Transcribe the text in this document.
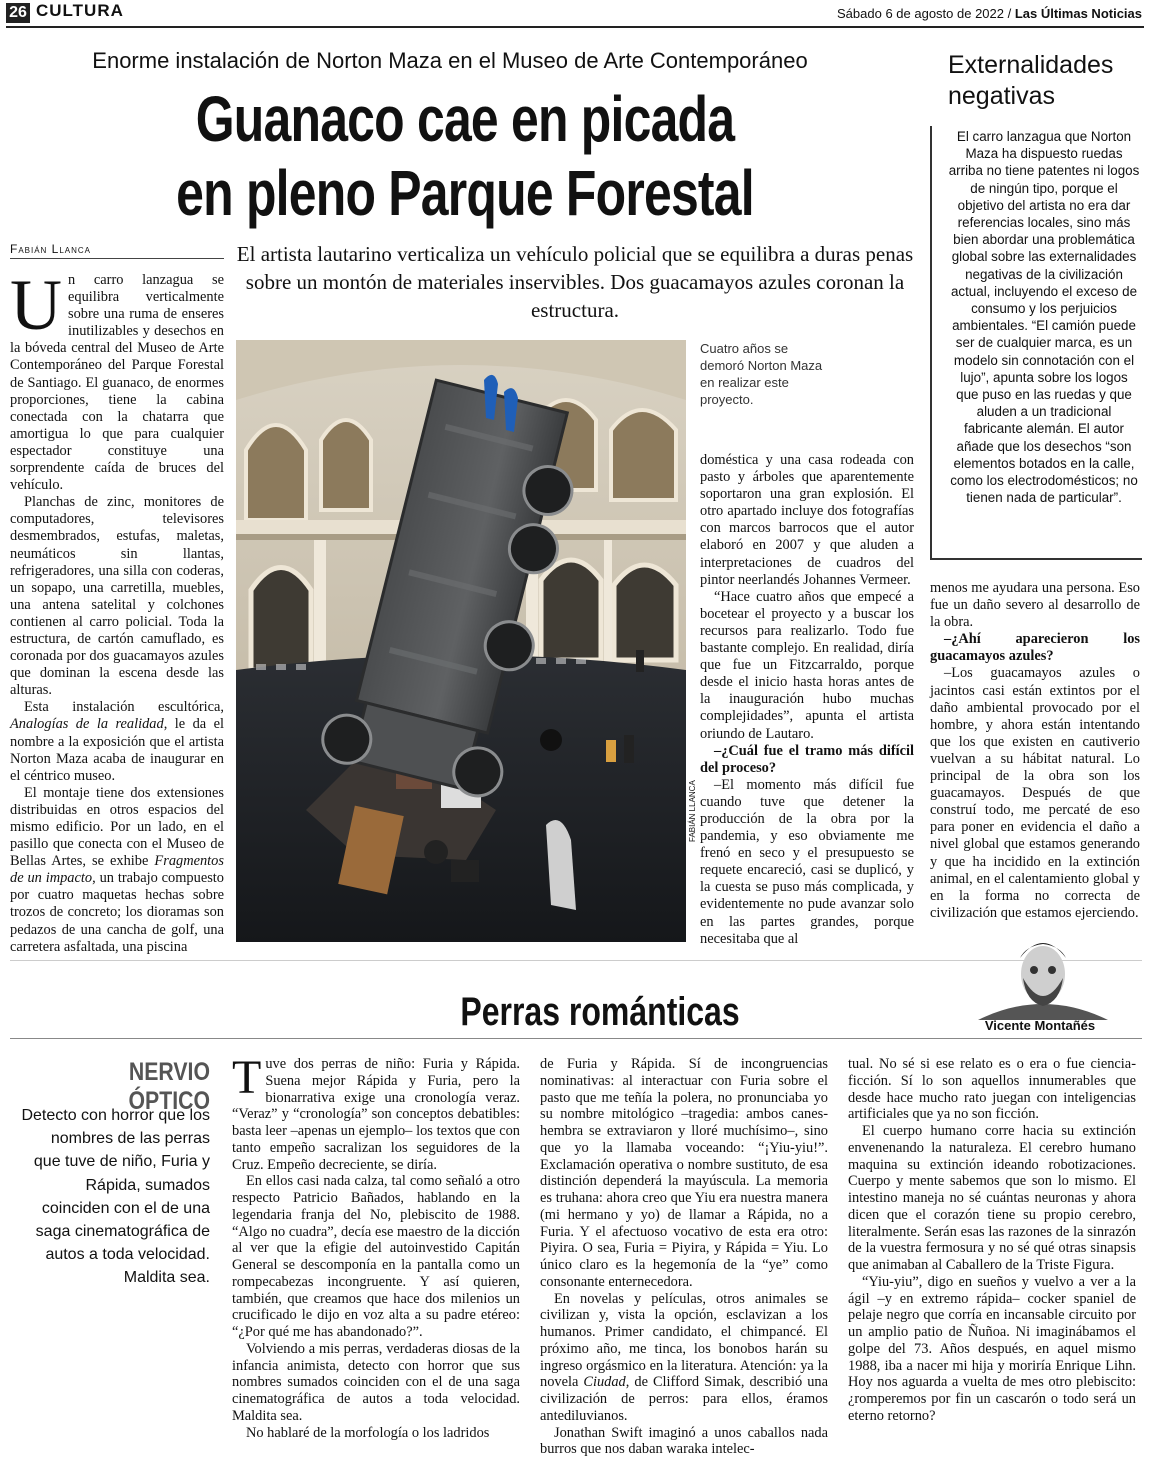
26 CULTURA	Sábado 6 de agosto de 2022 / Las Últimas Noticias
Enorme instalación de Norton Maza en el Museo de Arte Contemporáneo
Guanaco cae en picada
en pleno Parque Forestal
El artista lautarino verticaliza un vehículo policial que se equilibra a duras penas sobre un montón de materiales inservibles. Dos guacamayos azules coronan la estructura.
Fabián Llanca
U n carro lanzagua se equilibra verticalmente sobre una ruma de enseres inutilizables y desechos en la bóveda central del Museo de Arte Contemporáneo del Parque Forestal de Santiago. El guanaco, de enormes proporciones, tiene la cabina conectada con la chatarra que amortigua lo que para cualquier espectador constituye una sorprendente caída de bruces del vehículo.

Planchas de zinc, monitores de computadores, televisores desmembrados, estufas, maletas, neumáticos sin llantas, refrigeradores, una silla con coderas, un sopapo, una carretilla, muebles, una antena satelital y colchones contienen al carro policial. Toda la estructura, de cartón camuflado, es coronada por dos guacamayos azules que dominan la escena desde las alturas.

Esta instalación escultórica, Analogías de la realidad, le da el nombre a la exposición que el artista Norton Maza acaba de inaugurar en el céntrico museo.

El montaje tiene dos extensiones distribuidas en otros espacios del mismo edificio. Por un lado, en el pasillo que conecta con el Museo de Bellas Artes, se exhibe Fragmentos de un impacto, un trabajo compuesto por cuatro maquetas hechas sobre trozos de concreto; los dioramas son pedazos de una cancha de golf, una carretera asfaltada, una piscina

FABIÁN LLANCA
Cuatro años se demoró Norton Maza en realizar este proyecto.

doméstica y una casa rodeada con pasto y árboles que aparentemente soportaron una gran explosión. El otro apartado incluye dos fotografías con marcos barrocos que el autor elaboró en 2007 y que aluden a interpretaciones de cuadros del pintor neerlandés Johannes Vermeer.

“Hace cuatro años que empecé a bocetear el proyecto y a buscar los recursos para realizarlo. Todo fue bastante complejo. En realidad, diría que fue un Fitzcarraldo, porque desde el inicio hasta horas antes de la inauguración hubo muchas complejidades”, apunta el artista oriundo de Lautaro.

–¿Cuál fue el tramo más difícil del proceso?

–El momento más difícil fue cuando tuve que detener la producción de la obra por la pandemia, y eso obviamente me frenó en seco y el presupuesto se requete encareció, casi se duplicó, y la cuesta se puso más complicada, y evidentemente no pude avanzar solo en las partes grandes, porque necesitaba que al

Externalidades negativas

El carro lanzagua que Norton Maza ha dispuesto ruedas arriba no tiene patentes ni logos de ningún tipo, porque el objetivo del artista no era dar referencias locales, sino más bien abordar una problemática global sobre las externalidades negativas de la civilización actual, incluyendo el exceso de consumo y los perjuicios ambientales. “El camión puede ser de cualquier marca, es un modelo sin connotación con el lujo”, apunta sobre los logos que puso en las ruedas y que aluden a un tradicional fabricante alemán. El autor añade que los desechos “son elementos botados en la calle, como los electrodomésticos; no tienen nada de particular”.

menos me ayudara una persona. Eso fue un daño severo al desarrollo de la obra.

–¿Ahí aparecieron los guacamayos azules?

–Los guacamayos azules o jacintos casi están extintos por el daño ambiental provocado por el hombre, y ahora están intentando que los que existen en cautiverio vuelvan a su hábitat natural. Lo principal de la obra son los guacamayos. Después de que construí todo, me percaté de eso para poner en evidencia el daño a nivel global que estamos generando y que ha incidido en la extinción animal, en el calentamiento global y en la forma no correcta de civilización que estamos ejerciendo.

Perras románticas	Vicente Montañés
NERVIO ÓPTICO
Detecto con horror que los nombres de las perras que tuve de niño, Furia y Rápida, sumados coinciden con el de una saga cinematográfica de autos a toda velocidad. Maldita sea.
T uve dos perras de niño: Furia y Rápida. Suena mejor Rápida y Furia, pero la bionarrativa exige una cronología veraz. “Veraz” y “cronología” son conceptos debatibles: basta leer –apenas un ejemplo– los textos que con tanto empeño sacralizan los seguidores de la Cruz. Empeño decreciente, se diría.

En ellos casi nada calza, tal como señaló a otro respecto Patricio Bañados, hablando en la legendaria franja del No, plebiscito de 1988. “Algo no cuadra”, decía ese maestro de la dicción al ver que la efigie del autoinvestido Capitán General se descomponía en la pantalla como un rompecabezas incongruente. Y así quieren, también, que creamos que hace dos milenios un crucificado le dijo en voz alta a su padre etéreo: “¿Por qué me has abandonado?”.

Volviendo a mis perras, verdaderas diosas de la infancia animista, detecto con horror que sus nombres sumados coinciden con el de una saga cinematográfica de autos a toda velocidad. Maldita sea.

No hablaré de la morfología o los ladridos

de Furia y Rápida. Sí de incongruencias nominativas: al interactuar con Furia sobre el pasto que me teñía la polera, no pronunciaba yo su nombre mitológico –tragedia: ambos canes-hembra se extraviaron y lloré muchísimo–, sino que yo la llamaba voceando: “¡Yiu-yiu!”. Exclamación operativa o nombre sustituto, de esa distinción dependerá la mayúscula. La memoria es truhana: ahora creo que Yiu era nuestra manera (mi hermano y yo) de llamar a Rápida, no a Furia. Y el afectuoso vocativo de esta era otro: Piyira. O sea, Furia = Piyira, y Rápida = Yiu. Lo único claro es la hegemonía de la “ye” como consonante enternecedora.

En novelas y películas, otros animales se civilizan y, vista la opción, esclavizan a los humanos. Primer candidato, el chimpancé. El próximo año, me tinca, los bonobos harán su ingreso orgásmico en la literatura. Atención: ya la novela Ciudad, de Clifford Simak, describió una civilización de perros: para ellos, éramos antediluvianos.

Jonathan Swift imaginó a unos caballos nada burros que nos daban waraka intelec-

tual. No sé si ese relato es o era o fue ciencia-ficción. Sí lo son aquellos innumerables que desde hace mucho rato juegan con inteligencias artificiales que ya no son ficción.

El cuerpo humano corre hacia su extinción envenenando la naturaleza. El cerebro humano maquina su extinción ideando robotizaciones. Cuerpo y mente sabemos que son lo mismo. El intestino maneja no sé cuántas neuronas y ahora dicen que el corazón tiene su propio cerebro, literalmente. Serán esas las razones de la sinrazón de la vuestra fermosura y no sé qué otras sinapsis que animaban al Caballero de la Triste Figura.

“Yiu-yiu”, digo en sueños y vuelvo a ver a la ágil –y en extremo rápida– cocker spaniel de pelaje negro que corría en incansable circuito por un amplio patio de Ñuñoa. Ni imaginábamos el golpe del 73. Años después, en aquel mismo 1988, iba a nacer mi hija y moriría Enrique Lihn. Hoy nos aguarda a vuelta de mes otro plebiscito: ¿romperemos por fin un cascarón o todo será un eterno retorno?
